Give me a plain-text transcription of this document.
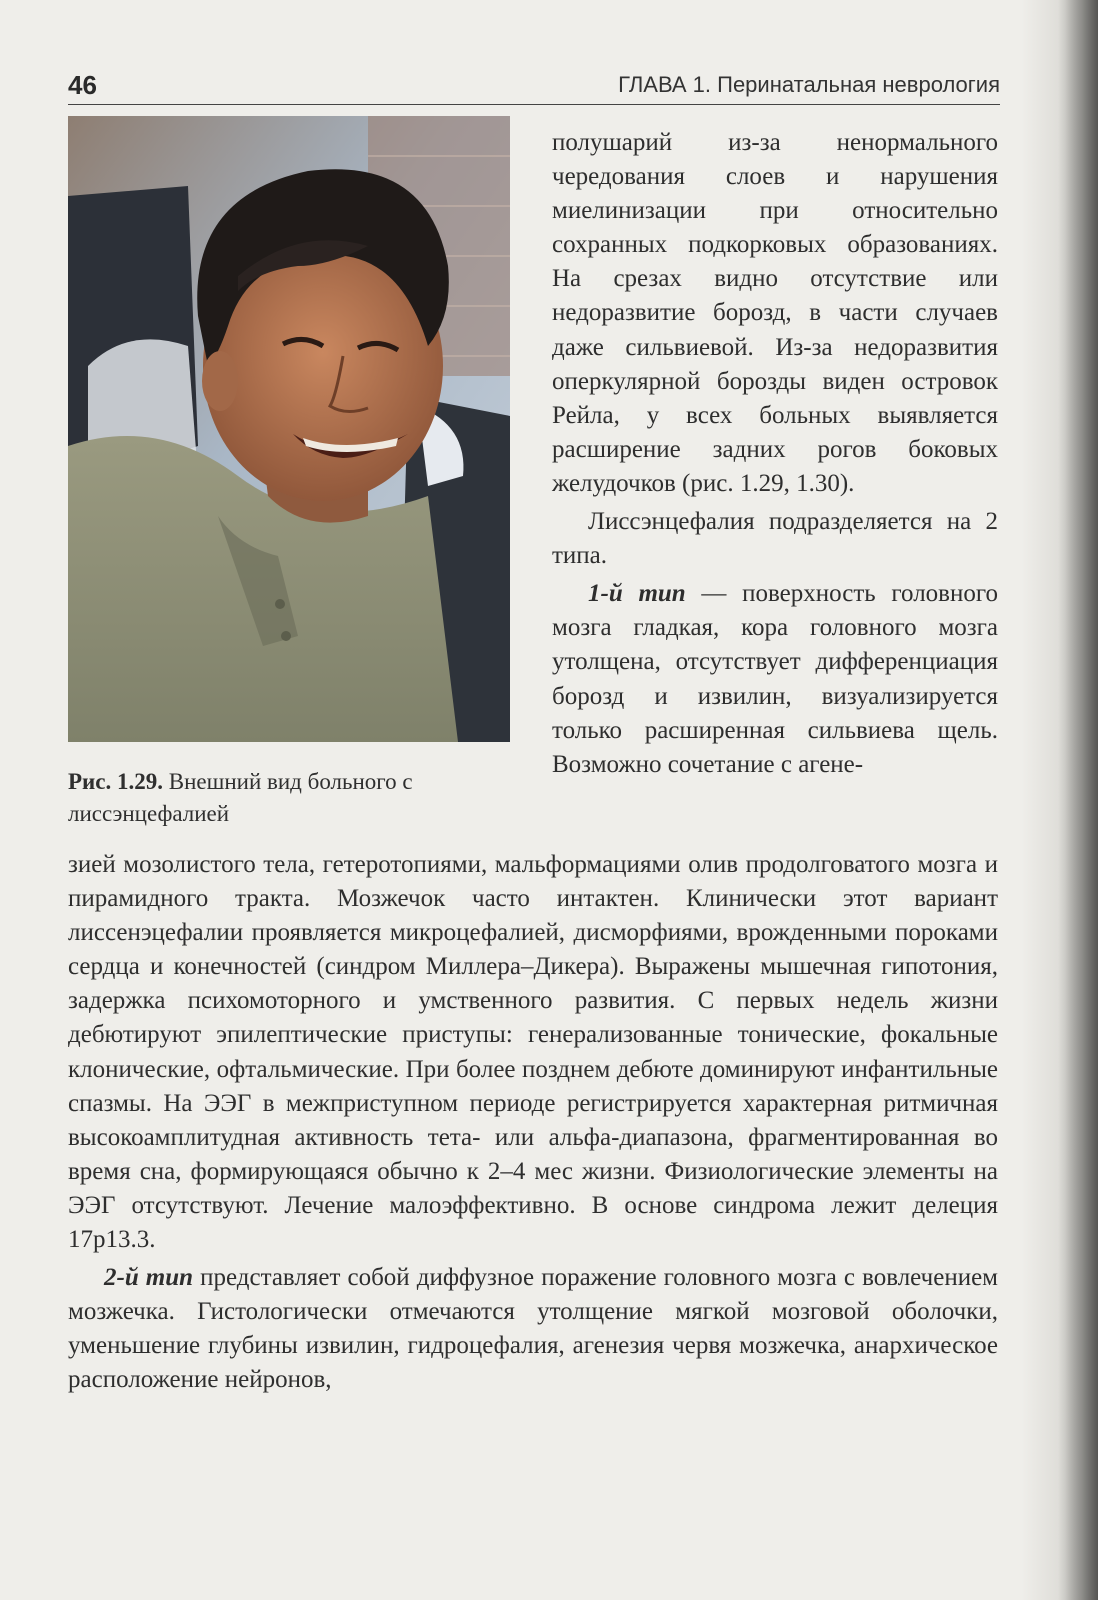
46	ГЛАВА 1. Перинатальная неврология
Рис. 1.29. Внешний вид больного с лиссэнцефалией

полушарий из-за ненормального чередования слоев и нарушения миелинизации при относительно сохранных подкорковых образованиях. На срезах видно отсутствие или недоразвитие борозд, в части случаев даже сильвиевой. Из-за недоразвития оперкулярной борозды виден островок Рейла, у всех больных выявляется расширение задних рогов боковых желудочков (рис. 1.29, 1.30).

Лиссэнцефалия подразделяется на 2 типа.

1-й тип — поверхность головного мозга гладкая, кора головного мозга утолщена, отсутствует дифференциация борозд и извилин, визуализируется только расширенная сильвиева щель. Возможно сочетание с агене-

зией мозолистого тела, гетеротопиями, мальформациями олив продолговатого мозга и пирамидного тракта. Мозжечок часто интактен. Клинически этот вариант лиссенэцефалии проявляется микроцефалией, дисморфиями, врожденными пороками сердца и конечностей (синдром Миллера–Дикера). Выражены мышечная гипотония, задержка психомоторного и умственного развития. С первых недель жизни дебютируют эпилептические приступы: генерализованные тонические, фокальные клонические, офтальмические. При более позднем дебюте доминируют инфантильные спазмы. На ЭЭГ в межприступном периоде регистрируется характерная ритмичная высокоамплитудная активность тета- или альфа-диапазона, фрагментированная во время сна, формирующаяся обычно к 2–4 мес жизни. Физиологические элементы на ЭЭГ отсутствуют. Лечение малоэффективно. В основе синдрома лежит делеция 17p13.3.

2-й тип представляет собой диффузное поражение головного мозга с вовлечением мозжечка. Гистологически отмечаются утолщение мягкой мозговой оболочки, уменьшение глубины извилин, гидроцефалия, агенезия червя мозжечка, анархическое расположение нейронов,
